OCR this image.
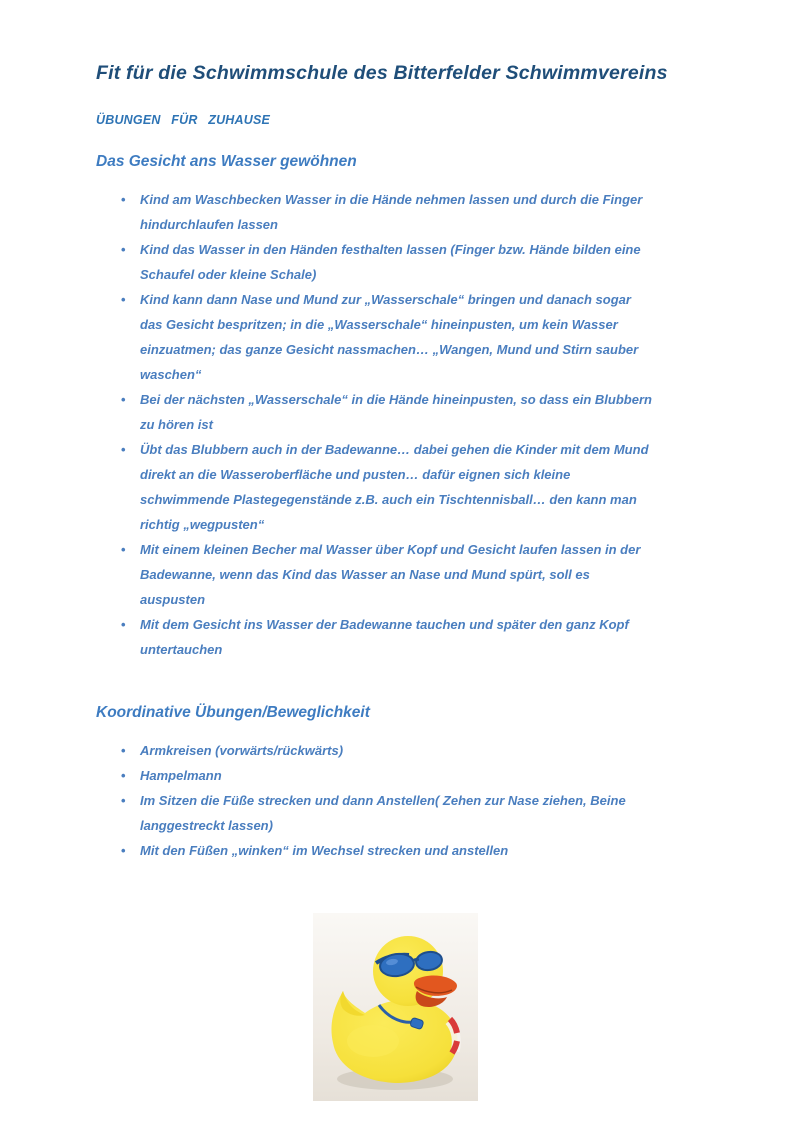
Fit für die Schwimmschule des Bitterfelder Schwimmvereins
ÜBUNGEN FÜR ZUHAUSE
Das Gesicht ans Wasser gewöhnen
• Kind am Waschbecken Wasser in die Hände nehmen lassen und durch die Finger hindurchlaufen lassen
• Kind das Wasser in den Händen festhalten lassen (Finger bzw. Hände bilden eine Schaufel oder kleine Schale)
• Kind kann dann Nase und Mund zur „Wasserschale“ bringen und danach sogar das Gesicht bespritzen; in die „Wasserschale“ hineinpusten, um kein Wasser einzuatmen; das ganze Gesicht nassmachen… „Wangen, Mund und Stirn sauber waschen“
• Bei der nächsten „Wasserschale“ in die Hände hineinpusten, so dass ein Blubbern zu hören ist
• Übt das Blubbern auch in der Badewanne… dabei gehen die Kinder mit dem Mund direkt an die Wasseroberfläche und pusten… dafür eignen sich kleine schwimmende Plastegegenstände z.B. auch ein Tischtennisball… den kann man richtig „wegpusten“
• Mit einem kleinen Becher mal Wasser über Kopf und Gesicht laufen lassen in der Badewanne, wenn das Kind das Wasser an Nase und Mund spürt, soll es auspusten
• Mit dem Gesicht ins Wasser der Badewanne tauchen und später den ganz Kopf untertauchen
Koordinative Übungen/Beweglichkeit
• Armkreisen (vorwärts/rückwärts)
• Hampelmann
• Im Sitzen die Füße strecken und dann Anstellen( Zehen zur Nase ziehen, Beine langgestreckt lassen)
• Mit den Füßen „winken“ im Wechsel strecken und anstellen
